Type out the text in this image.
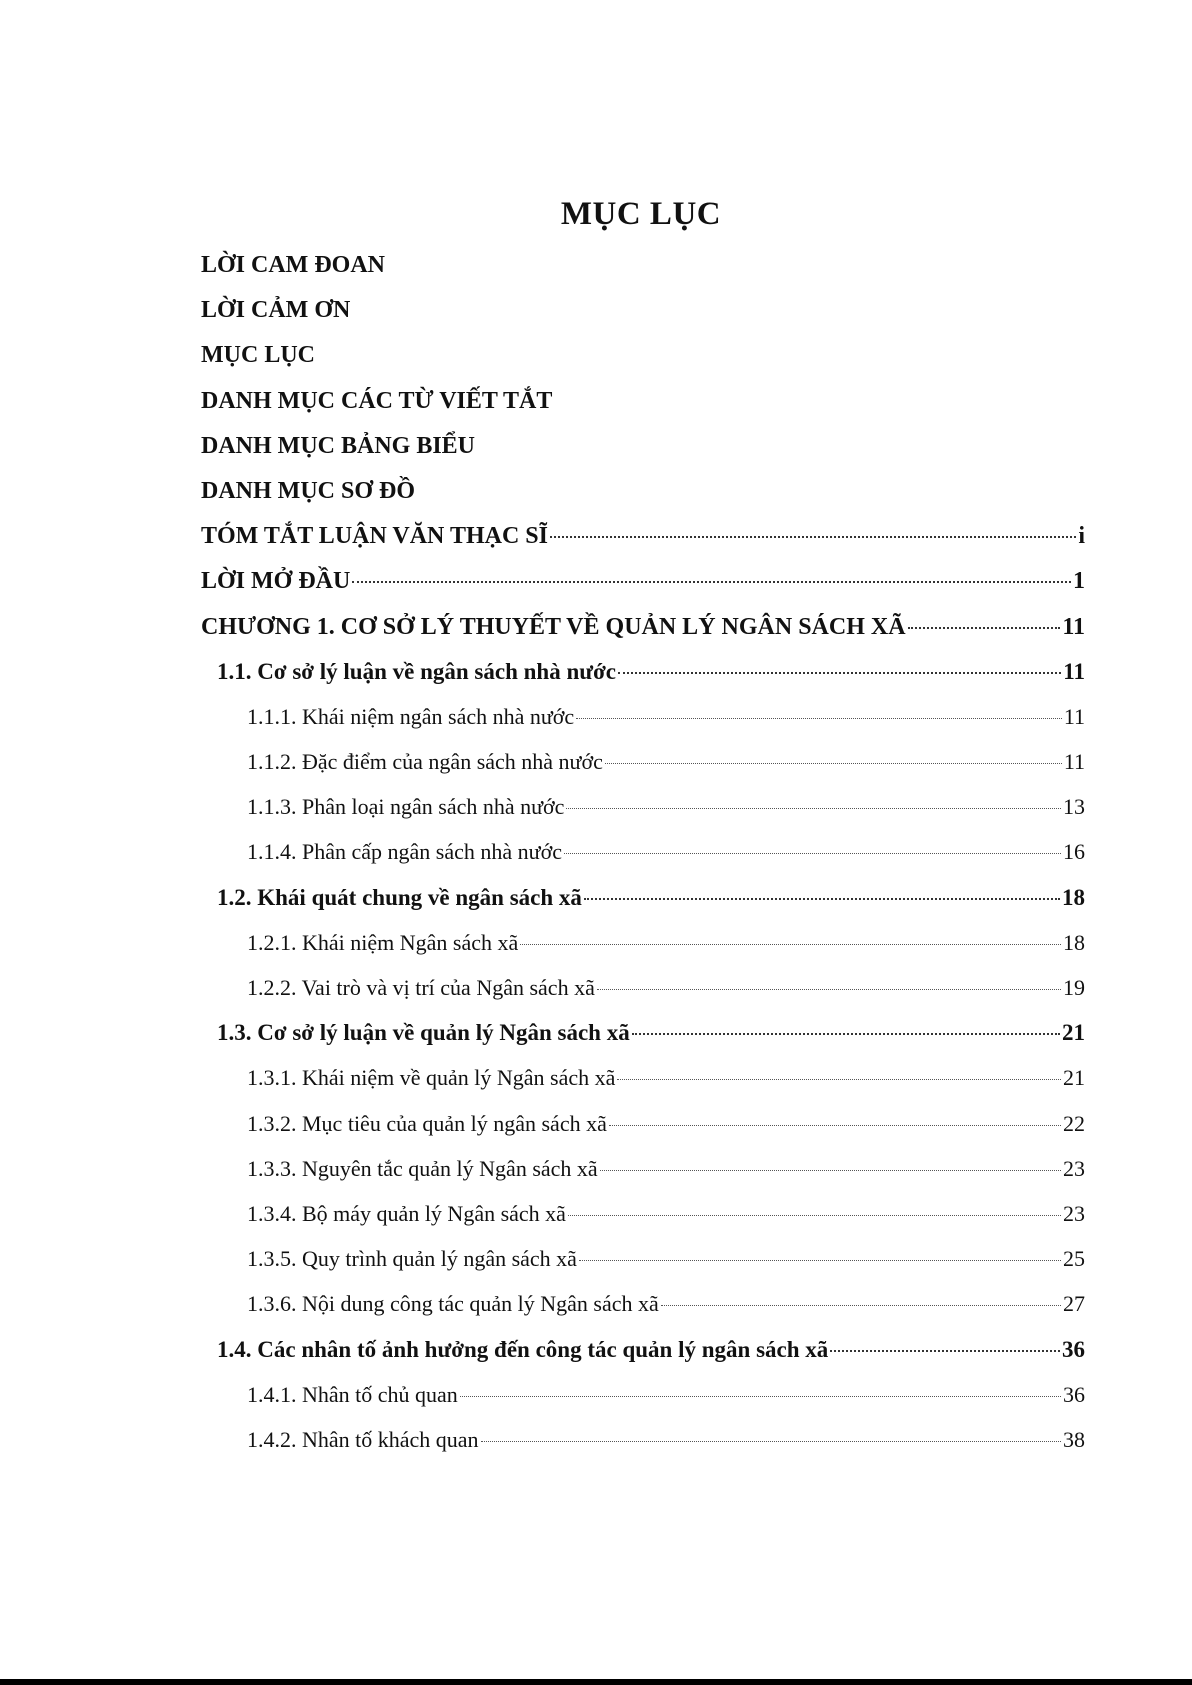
MỤC LỤC
LỜI CAM ĐOAN
LỜI CẢM ƠN
MỤC LỤC
DANH MỤC CÁC TỪ VIẾT TẮT
DANH MỤC BẢNG BIỂU
DANH MỤC SƠ ĐỒ
TÓM TẮT LUẬN VĂN THẠC SĨ	i
LỜI MỞ ĐẦU	1
CHƯƠNG 1. CƠ SỞ LÝ THUYẾT VỀ QUẢN LÝ NGÂN SÁCH XÃ	11
1.1. Cơ sở lý luận về ngân sách nhà nước	11
1.1.1. Khái niệm ngân sách nhà nước	11
1.1.2. Đặc điểm của ngân sách nhà nước	11
1.1.3. Phân loại ngân sách nhà nước	13
1.1.4. Phân cấp ngân sách nhà nước	16
1.2. Khái quát chung về ngân sách xã	18
1.2.1. Khái niệm Ngân sách xã	18
1.2.2. Vai trò và vị trí của Ngân sách xã	19
1.3. Cơ sở lý luận về quản lý Ngân sách xã	21
1.3.1. Khái niệm về quản lý Ngân sách xã	21
1.3.2. Mục tiêu của quản lý ngân sách xã	22
1.3.3. Nguyên tắc quản lý Ngân sách xã	23
1.3.4. Bộ máy quản lý Ngân sách xã	23
1.3.5. Quy trình quản lý ngân sách xã	25
1.3.6. Nội dung công tác quản lý Ngân sách xã	27
1.4. Các nhân tố ảnh hưởng đến công tác quản lý ngân sách xã	36
1.4.1. Nhân tố chủ quan	36
1.4.2. Nhân tố khách quan	38
